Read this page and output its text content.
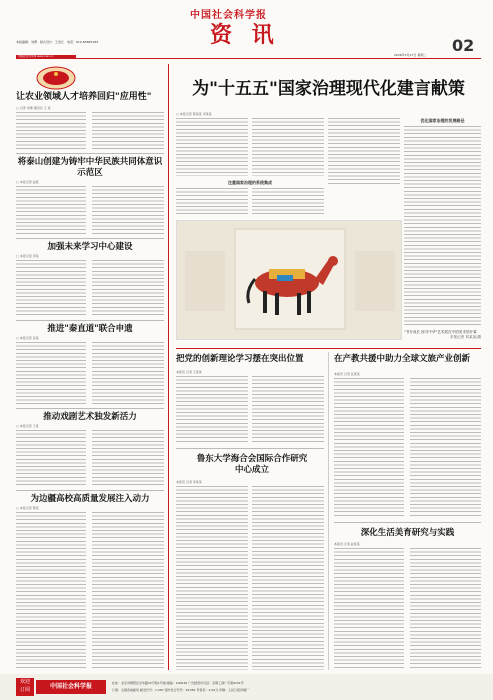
中国社会科学报
资 讯	02
本版编辑：刘博　版式设计：王金红　电话：010-85885184
2026年3月17日 星期二
中国社会科学网 www.cssn.cn
让农业领域人才培养回归"应用性"
□ 记者 刘博 通讯员 王 某
将泰山创建为铸牢中华民族共同体意识示范区
□ 本报记者 赵某
加强未来学习中心建设
□ 本报记者 李某
推进"秦直道"联合申遗
□ 本报记者 张某
推动戏剧艺术独发新活力
□ 本报记者 王某
为边疆高校高质量发展注入动力
□ 本报记者 陈某
为"十五五"国家治理现代化建言献策
□ 本报记者 陈某某 李某某
注重国家治理的系统集成
优化国家治理的发展路径
"书写成长 探寻中华"艺术展在中国美术馆开幕
本报记者 刘某某/摄
把党的创新理论学习摆在突出位置
本报讯 记者 王某某
鲁东大学海合会国际合作研究中心成立
本报讯 记者 李某某
在产教共援中助力全球文旅产业创新
本报讯 记者 张某某
深化生活美育研究与实践
本报讯 记者 赵某某
欢迎
订阅	中国社会科学报	社址：北京市朝阳区光华路15号院1号楼 邮编：100026 广告经营许可证：京朝工商广字第0151号
订阅：全国各地邮局 邮发代号：1-287 国外发行代号：D1581 零售价：2.00元 印刷：人民日报印刷厂
